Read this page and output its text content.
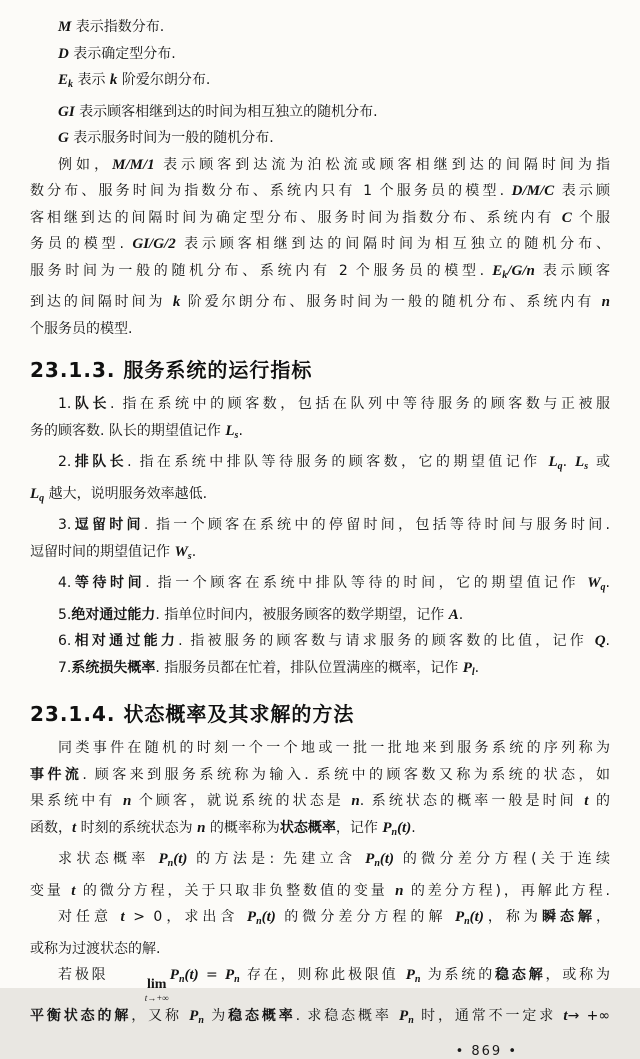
M 表示指数分布.
D 表示确定型分布.
$E_k$ 表示 k 阶爱尔朗分布.
GI 表示顾客相继到达的时间为相互独立的随机分布.
G 表示服务时间为一般的随机分布.
例如，M/M/1 表示顾客到达流为泊松流或顾客相继到达的间隔时间为指
数分布、服务时间为指数分布、系统内只有 1 个服务员的模型. D/M/C 表示顾
客相继到达的间隔时间为确定型分布、服务时间为指数分布、系统内有 C 个服
务员的模型. GI/G/2 表示顾客相继到达的间隔时间为相互独立的随机分布、
服务时间为一般的随机分布、系统内有 2 个服务员的模型. $E_k/G/n$ 表示顾客
到达的间隔时间为 k 阶爱尔朗分布、服务时间为一般的随机分布、系统内有 n
个服务员的模型.
23.1.3. 服务系统的运行指标
1.队长. 指在系统中的顾客数，包括在队列中等待服务的顾客数与正被服
务的顾客数. 队长的期望值记作 $L_s$.
2.排队长. 指在系统中排队等待服务的顾客数，它的期望值记作 $L_q$. $L_s$ 或
$L_q$ 越大，说明服务效率越低.
3.逗留时间. 指一个顾客在系统中的停留时间，包括等待时间与服务时间.
逗留时间的期望值记作 $W_s$.
4.等待时间. 指一个顾客在系统中排队等待的时间，它的期望值记作 $W_q$.
5.绝对通过能力. 指单位时间内，被服务顾客的数学期望，记作 A.
6.相对通过能力. 指被服务的顾客数与请求服务的顾客数的比值，记作 Q.
7.系统损失概率. 指服务员都在忙着，排队位置满座的概率，记作 $P_l$.
23.1.4. 状态概率及其求解的方法
同类事件在随机的时刻一个一个地或一批一批地来到服务系统的序列称为
事件流. 顾客来到服务系统称为输入. 系统中的顾客数又称为系统的状态，如
果系统中有 n 个顾客，就说系统的状态是 n. 系统状态的概率一般是时间 t 的
函数，t 时刻的系统状态为 n 的概率称为状态概率，记作 $P_n(t)$.
求状态概率 $P_n(t)$ 的方法是: 先建立含 $P_n(t)$ 的微分差分方程(关于连续
变量 t 的微分方程，关于只取非负整数值的变量 n 的差分方程)，再解此方程.
对任意 t > 0，求出含 $P_n(t)$ 的微分差分方程的解 $P_n(t)$，称为瞬态解，
或称为过渡状态的解.
若极限
lim
t→+∞
$P_n(t) = P_n$ 存在，则称此极限值 $P_n$ 为系统的稳态解，或称为
平衡状态的解，又称 $P_n$ 为稳态概率. 求稳态概率 $P_n$ 时，通常不一定求 t→ +∞
• 869 •
